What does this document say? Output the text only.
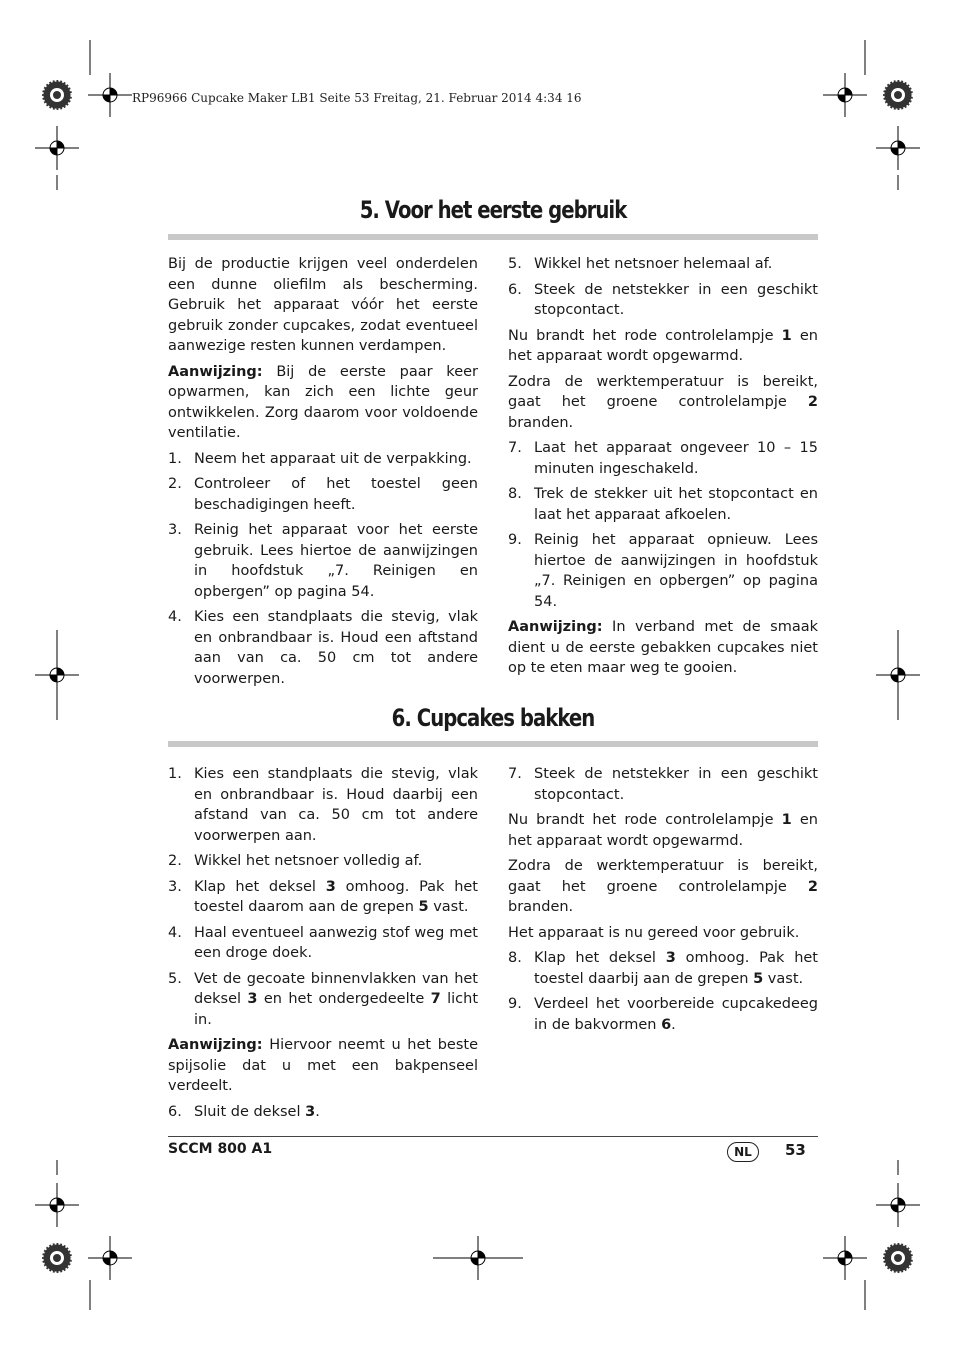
RP96966 Cupcake Maker LB1 Seite 53 Freitag, 21. Februar 2014 4:34 16
5. Voor het eerste gebruik

Bij de productie krijgen veel onderdelen een dunne oliefilm als bescherming. Gebruik het apparaat vóór het eerste gebruik zonder cupcakes, zodat eventueel aanwezige resten kunnen verdampen.

Aanwijzing: Bij de eerste paar keer opwarmen, kan zich een lichte geur ontwikkelen. Zorg daarom voor voldoende ventilatie.

1. Neem het apparaat uit de verpakking.
2. Controleer of het toestel geen beschadigingen heeft.
3. Reinig het apparaat voor het eerste gebruik. Lees hiertoe de aanwijzingen in hoofdstuk „7. Reinigen en opbergen” op pagina 54.
4. Kies een standplaats die stevig, vlak en onbrandbaar is. Houd een aftstand aan van ca. 50 cm tot andere voorwerpen.
5. Wikkel het netsnoer helemaal af.
6. Steek de netstekker in een geschikt stopcontact.

Nu brandt het rode controlelampje 1 en het apparaat wordt opgewarmd.

Zodra de werktemperatuur is bereikt, gaat het groene controlelampje 2 branden.

7. Laat het apparaat ongeveer 10 – 15 minuten ingeschakeld.
8. Trek de stekker uit het stopcontact en laat het apparaat afkoelen.
9. Reinig het apparaat opnieuw. Lees hiertoe de aanwijzingen in hoofdstuk „7. Reinigen en opbergen” op pagina 54.

Aanwijzing: In verband met de smaak dient u de eerste gebakken cupcakes niet op te eten maar weg te gooien.

6. Cupcakes bakken
1. Kies een standplaats die stevig, vlak en onbrandbaar is. Houd daarbij een afstand van ca. 50 cm tot andere voorwerpen aan.
2. Wikkel het netsnoer volledig af.
3. Klap het deksel 3 omhoog. Pak het toestel daarom aan de grepen 5 vast.
4. Haal eventueel aanwezig stof weg met een droge doek.
5. Vet de gecoate binnenvlakken van het deksel 3 en het ondergedeelte 7 licht in.

Aanwijzing: Hiervoor neemt u het beste spijsolie dat u met een bakpenseel verdeelt.

6. Sluit de deksel 3.
7. Steek de netstekker in een geschikt stopcontact.

Nu brandt het rode controlelampje 1 en het apparaat wordt opgewarmd.

Zodra de werktemperatuur is bereikt, gaat het groene controlelampje 2 branden.

Het apparaat is nu gereed voor gebruik.

8. Klap het deksel 3 omhoog. Pak het toestel daarbij aan de grepen 5 vast.
9. Verdeel het voorbereide cupcakedeeg in de bakvormen 6.
SCCM 800 A1	NL	53
